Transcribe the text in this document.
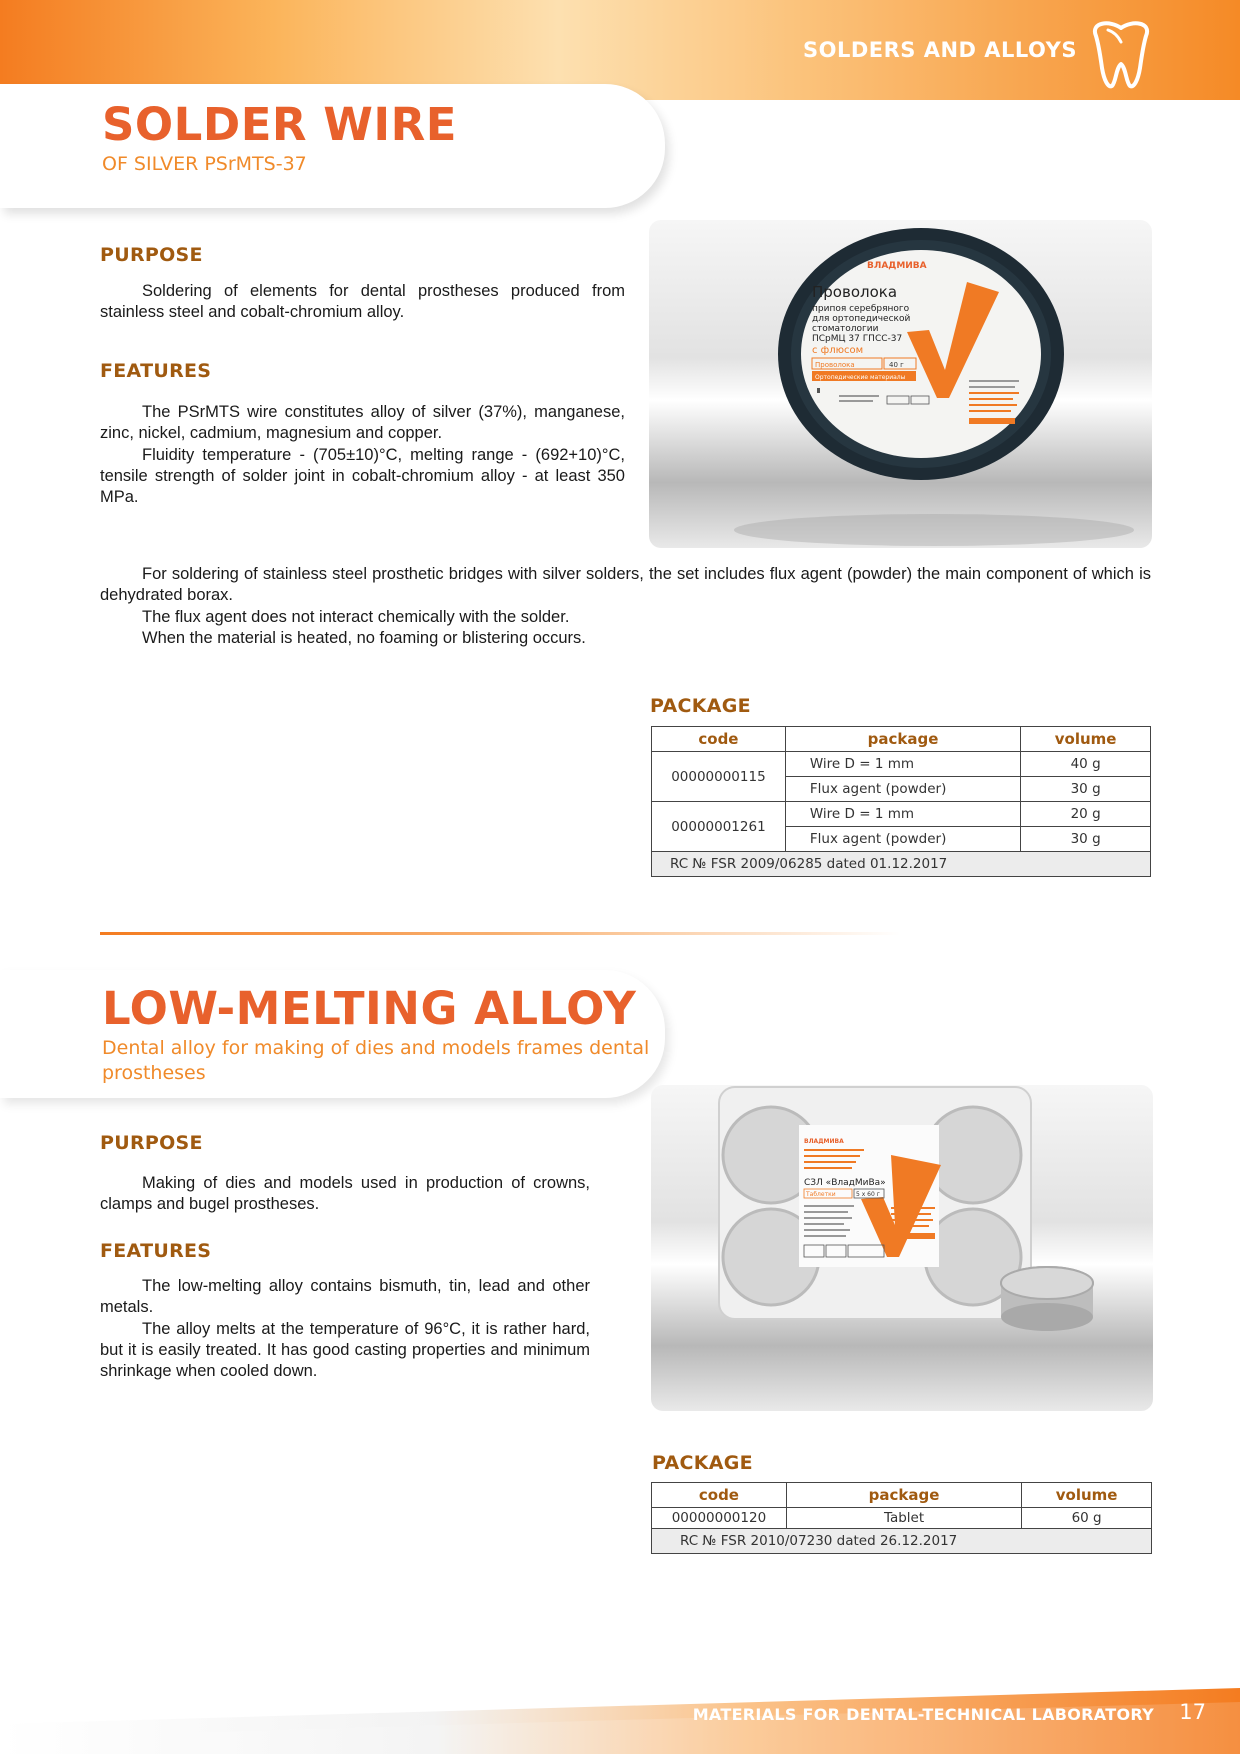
SOLDERS AND ALLOYS
SOLDER WIRE
OF SILVER PSrMTS-37
PURPOSE

Soldering of elements for dental prostheses produced from stainless steel and cobalt-chromium alloy.

FEATURES

The PSrMTS wire constitutes alloy of silver (37%), manganese, zinc, nickel, cadmium, magnesium and copper.

Fluidity temperature - (705±10)°C, melting range - (692+10)°C, tensile strength of solder joint in cobalt-chromium alloy - at least 350 MPa.

ВЛАДМИВА
Проволока
припоя серебряного
для ортопедической
стоматологии
ПСрМЦ 37 ГПСС-37
с флюсом
Проволока	40 г
Ортопедические материалы

For soldering of stainless steel prosthetic bridges with silver solders, the set includes flux agent (powder) the main component of which is dehydrated borax.

The flux agent does not interact chemically with the solder.

When the material is heated, no foaming or blistering occurs.

PACKAGE
code	package	volume
00000000115	Wire D = 1 mm	40 g
	Flux agent (powder)	30 g
00000001261	Wire D = 1 mm	20 g
	Flux agent (powder)	30 g
RC № FSR 2009/06285 dated 01.12.2017		
LOW-MELTING ALLOY
Dental alloy for making of dies and models frames dental prostheses
PURPOSE

Making of dies and models used in production of crowns, clamps and bugel prostheses.

FEATURES

The low-melting alloy contains bismuth, tin, lead and other metals.

The alloy melts at the temperature of 96°C, it is rather hard, but it is easily treated. It has good casting properties and minimum shrinkage when cooled down.

ВЛАДМИВА
СЗЛ «ВладМиВа»
Таблетки	5 х 60 г
PACKAGE
code	package	volume
00000000120	Tablet	60 g
RC № FSR 2010/07230 dated 26.12.2017		
MATERIALS FOR DENTAL-TECHNICAL LABORATORY 17
